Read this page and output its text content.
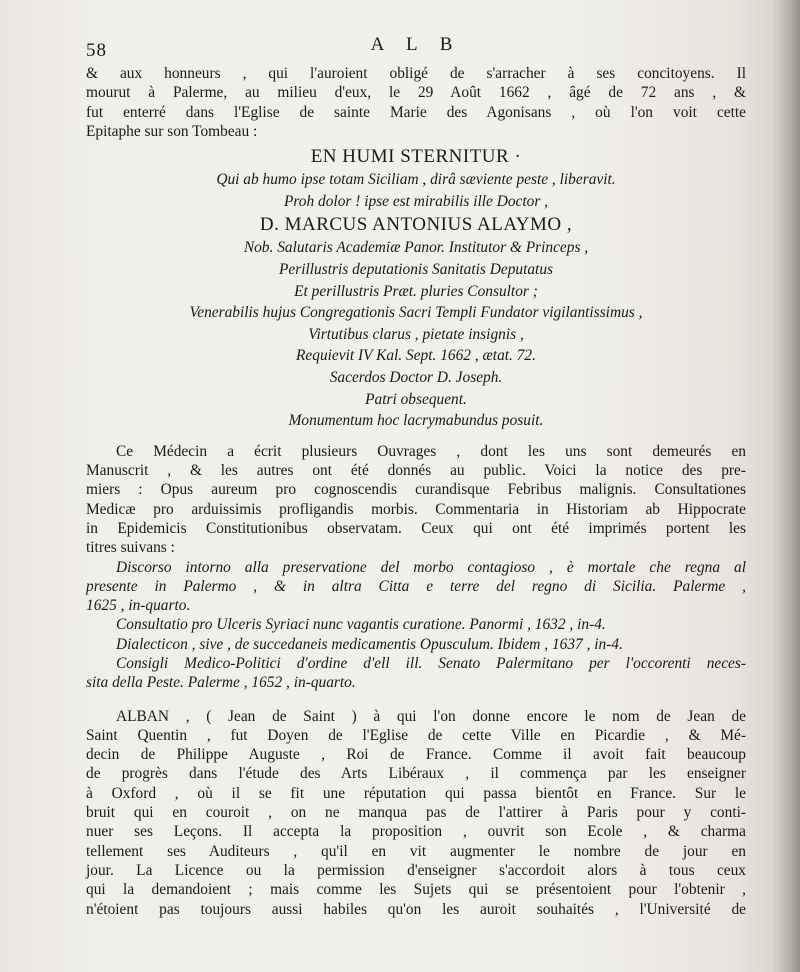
58	A L B

& aux honneurs , qui l'auroient obligé de s'arracher à ses concitoyens. Il
mourut à Palerme, au milieu d'eux, le 29 Août 1662 , âgé de 72 ans , &
fut enterré dans l'Eglise de sainte Marie des Agonisans , où l'on voit cette
Epitaphe sur son Tombeau :

EN HUMI STERNITUR ·
Qui ab humo ipse totam Siciliam , dirâ sæviente peste , liberavit.
Proh dolor ! ipse est mirabilis ille Doctor ,
D. MARCUS ANTONIUS ALAYMO ,
Nob. Salutaris Academiæ Panor. Institutor & Princeps ,
Perillustris deputationis Sanitatis Deputatus
Et perillustris Præt. pluries Consultor ;
Venerabilis hujus Congregationis Sacri Templi Fundator vigilantissimus ,
Virtutibus clarus , pietate insignis ,
Requievit IV Kal. Sept. 1662 , ætat. 72.
Sacerdos Doctor D. Joseph.
Patri obsequent.
Monumentum hoc lacrymabundus posuit.

Ce Médecin a écrit plusieurs Ouvrages , dont les uns sont demeurés en
Manuscrit , & les autres ont été donnés au public. Voici la notice des pre-
miers : Opus aureum pro cognoscendis curandisque Febribus malignis. Consultationes
Medicæ pro arduissimis profligandis morbis. Commentaria in Historiam ab Hippocrate
in Epidemicis Constitutionibus observatam. Ceux qui ont été imprimés portent les
titres suivans :

Discorso intorno alla preservatione del morbo contagioso , è mortale che regna al
presente in Palermo , & in altra Citta e terre del regno di Sicilia. Palerme ,
1625 , in-quarto.
Consultatio pro Ulceris Syriaci nunc vagantis curatione. Panormi , 1632 , in-4.
Dialecticon , sive , de succedaneis medicamentis Opusculum. Ibidem , 1637 , in-4.
Consigli Medico-Politici d'ordine d'ell ill. Senato Palermitano per l'occorenti neces-
sita della Peste. Palerme , 1652 , in-quarto.

ALBAN , ( Jean de Saint ) à qui l'on donne encore le nom de Jean de
Saint Quentin , fut Doyen de l'Eglise de cette Ville en Picardie , & Mé-
decin de Philippe Auguste , Roi de France. Comme il avoit fait beaucoup
de progrès dans l'étude des Arts Libéraux , il commença par les enseigner
à Oxford , où il se fit une réputation qui passa bientôt en France. Sur le
bruit qui en couroit , on ne manqua pas de l'attirer à Paris pour y conti-
nuer ses Leçons. Il accepta la proposition , ouvrit son Ecole , & charma
tellement ses Auditeurs , qu'il en vit augmenter le nombre de jour en
jour. La Licence ou la permission d'enseigner s'accordoit alors à tous ceux
qui la demandoient ; mais comme les Sujets qui se présentoient pour l'obtenir ,
n'étoient pas toujours aussi habiles qu'on les auroit souhaités , l'Université de
